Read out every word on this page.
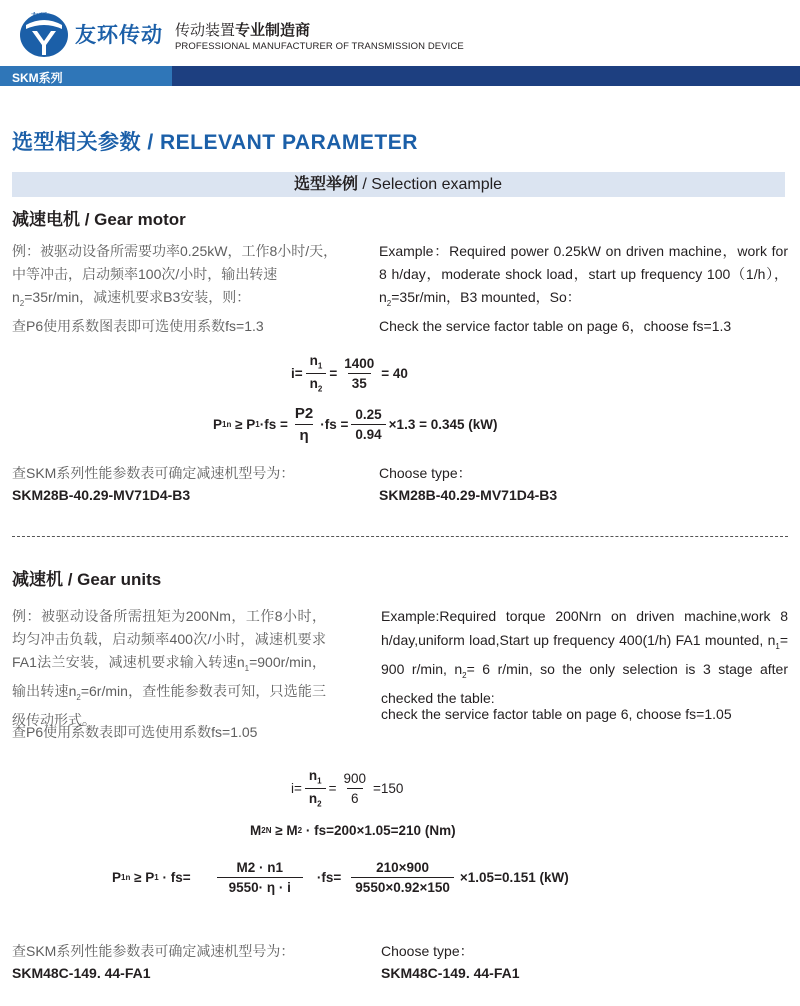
友环
友环传动 传动装置专业制造商
PROFESSIONAL MANUFACTURER OF TRANSMISSION DEVICE
SKM系列
选型相关参数 / RELEVANT PARAMETER
选型举例 / Selection example
减速电机 / Gear motor
例：被驱动设备所需要功率0.25kW，工作8小时/天，中等冲击，启动频率100次/小时，输出转速$n_2=35r/\min$，减速机要求B3安装，则：
Example：Required power 0.25kW on driven machine，work for 8 h/day，moderate shock load，start up frequency 100（1/h），$n_2=35r/\min$，B3 mounted，So：
查P6使用系数图表即可选使用系数fs=1.3	Check the service factor table on page 6，choose fs=1.3
$i= \frac{n_1}{n_2} = \frac{1400}{35} = 40$
P 1n
≥ P $1 \cdot fs = \frac{P2}{\eta} \cdot fs = \frac{0.25}{0.94} \times 1.3 = 0.345$ (kW)
查SKM系列性能参数表可确定减速机型号为：	Choose type：
SKM28B-40.29-MV71D4-B3	SKM28B-40.29-MV71D4-B3
减速机 / Gear units
例：被驱动设备所需扭矩为200Nm，工作8小时，均匀冲击负载，启动频率400次/小时，减速机要求FA1法兰安装，减速机要求输入转速$n_1=900r/\min$，输出转速$n_2=6r/\min$，查性能参数表可知，只选能三级传动形式。
Example:Required torque 200Nrn on driven machine,work 8 h/day,uniform load,Start up frequency 400(1/h) FA1 mounted, $n_1= 900$ r/min, $n_2= 6$ r/min, so the only selection is 3 stage after checked the table:
check the service factor table on page 6, choose fs=1.05
查P6使用系数表即可选使用系数fs=1.05
$i= \frac{n_1}{n_2} = \frac{900}{6} =150$
M 2N ≥ M 2 · fs=200×1.05=210 (Nm)
P 1n ≥ P $1 \cdot fs= \frac{M2 \cdot n1}{9550\cdot \eta \cdot i} \cdot fs= \frac{210\times 900}{9550\times 0.92\times 150} \times 1.05=0.151$ (kW)
查SKM系列性能参数表可确定减速机型号为：	Choose type：
SKM48C-149. 44-FA1	SKM48C-149. 44-FA1
